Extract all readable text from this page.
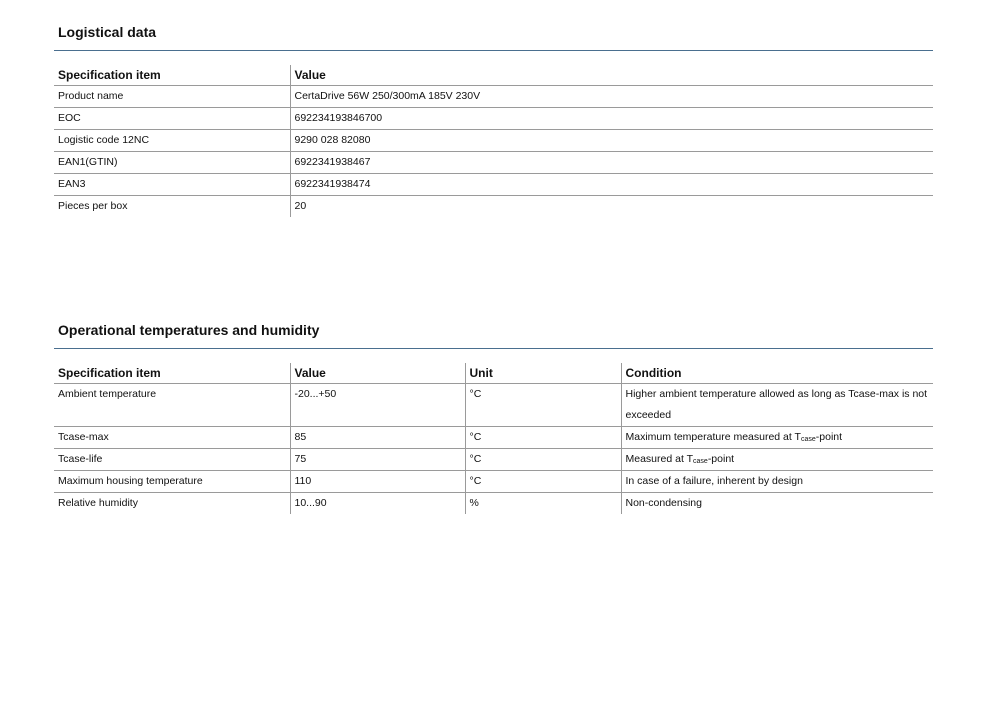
Logistical data
Specification item	Value
Product name	CertaDrive 56W 250/300mA 185V 230V
EOC	692234193846700
Logistic code 12NC	9290 028 82080
EAN1(GTIN)	6922341938467
EAN3	6922341938474
Pieces per box	20
Operational temperatures and humidity
Specification item	Value	Unit	Condition
Ambient temperature	-20...+50	°C	Higher ambient temperature allowed as long as Tcase-max is not
exceeded

Tcase-max	85	°C	Maximum temperature measured at $T_{case}$-point
Tcase-life	75	°C	Measured at $T_{case}$-point
Maximum housing temperature	110	°C	In case of a failure, inherent by design
Relative humidity	10...90	%	Non-condensing
